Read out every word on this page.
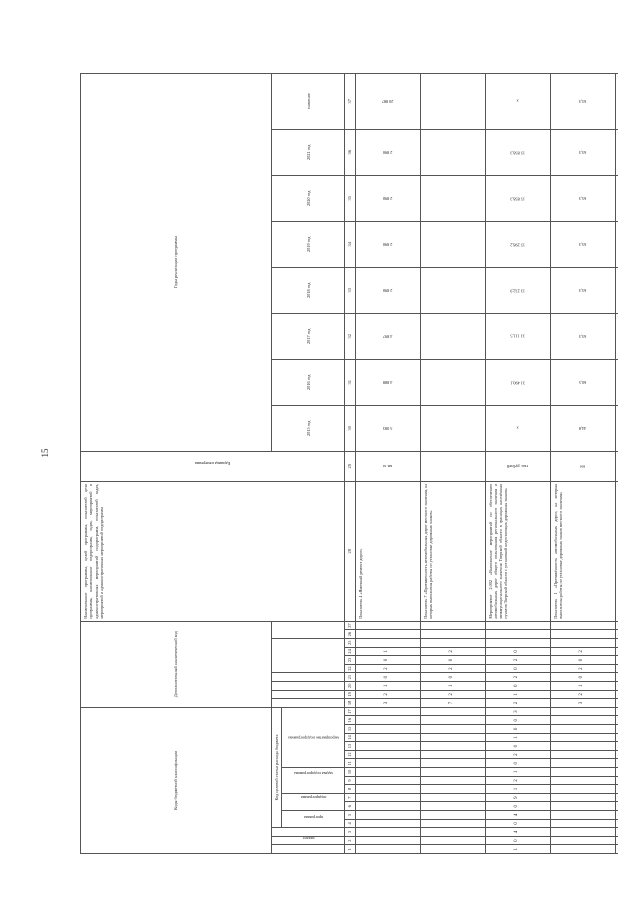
15
Коды бюджетной классификации																	Дополнительный аналитический код										Наименование программы, целей программы, показателей цели программы, наименование подпрограмм, задач, мероприятий и административных мероприятий подпрограмм, показателей задач, мероприятий и административных мероприятий подпрограмм	Единица измерения	Годы реализации программы	
	раздел		Код целевой статьи расхода бюджета																										2015 год	2016 год	2017 год	2018 год	2019 год	2020 год	2021 год	значение	
			программа		подпрограмма		задача подпрограммы			мероприятие подпрограммы																											
1	2	3	4	5	6	7	8	9	10	11	12	13	14	15	16	17	18	19	20	21	22	23	24	25	26	27	28	29	30	31	32	33	34	35	36	37	
																	3	2	1	0	2	0	1				Показатель 4 «Ямочный ремонт дорог»	кв. м	5 083	4 888	4 897	2 890	2 890	2 890	2 890	20 887	
																	7	2	1	0	2	0	2				Показатель 7 «Протяженность автомобильных дорог местного значения, на которых выполнены работы по установке дорожных знаков»										
1	0	4	0	4	0	9	1	2	1	0	2	0	1	0	0	3	2	1	0	2	0	2	0				Мероприятие 2.002 «Выполнение мероприятий по обеспечению автомобильных дорог общего пользования регионального значения и межмуниципального значения Тверской области в границах населённых пунктов Тверской области с установкой недостающих дорожных знаков»	тыс. рублей	x	31 490,1	31 111,5	13 232,9	15 298,2	15 858,3	15 858,3	x	
																	3	2	1	0	2	0	2				Показатель 1 «Протяжённость автомобильных дорог, на которых выполнены работы по установке дорожных знаков местного значения»	км	44,8	60,5	63,3	63,3	63,3	63,3	63,3	63,3	
